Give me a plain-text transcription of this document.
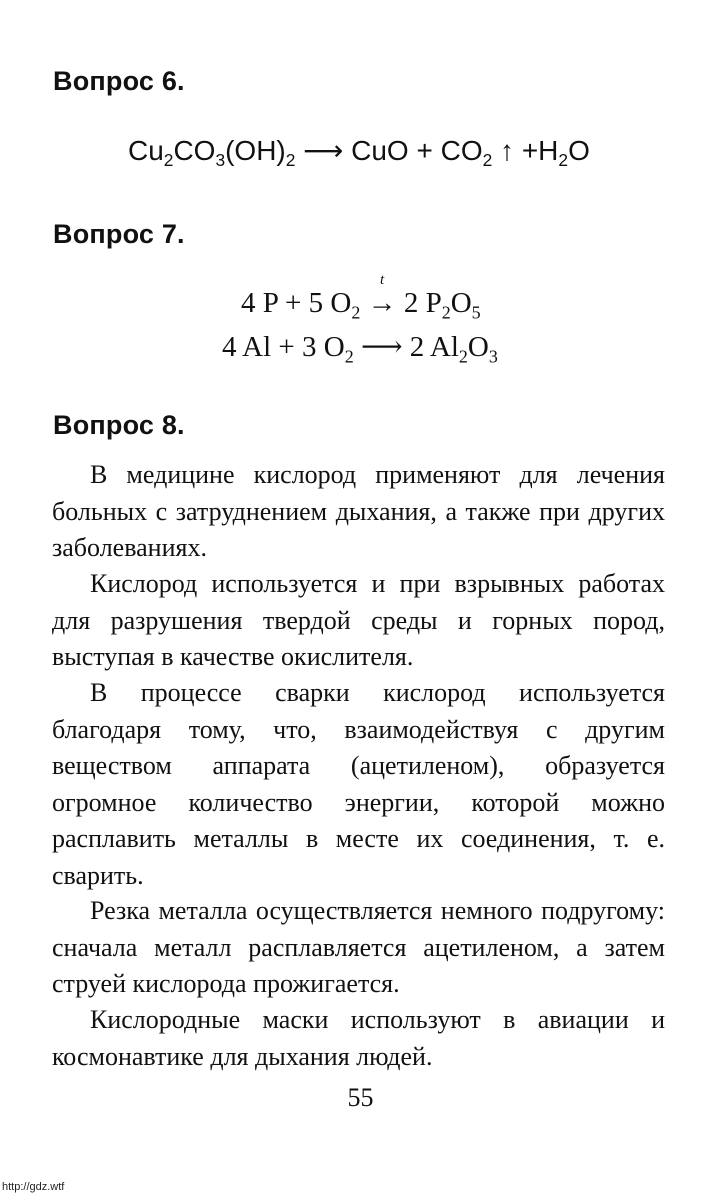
Вопрос 6.
$Cu_2CO_3(OH)_2$ ⟶ CuO + $CO_2$ ↑ $+H_2O$
Вопрос 7.
4 P + 5 $O_2$
t
→ 2 $P_2O_5$
4 Al + 3 $O_2$ ⟶ 2 $Al_2O_3$
Вопрос 8.

В медицине кислород применяют для лечения больных с затруднением дыхания, а также при других заболеваниях.

Кислород используется и при взрывных работах для разрушения твердой среды и горных пород, выступая в качестве окислителя.

В процессе сварки кислород используется благодаря тому, что, взаимодействуя с другим веществом аппарата (ацетиленом), образуется огромное количество энергии, которой можно расплавить металлы в месте их соединения, т. е. сварить.

Резка металла осуществляется немного подругому: сначала металл расплавляется ацетиленом, а затем струей кислорода прожигается.

Кислородные маски используют в авиации и космонавтике для дыхания людей.

55
http://gdz.wtf
